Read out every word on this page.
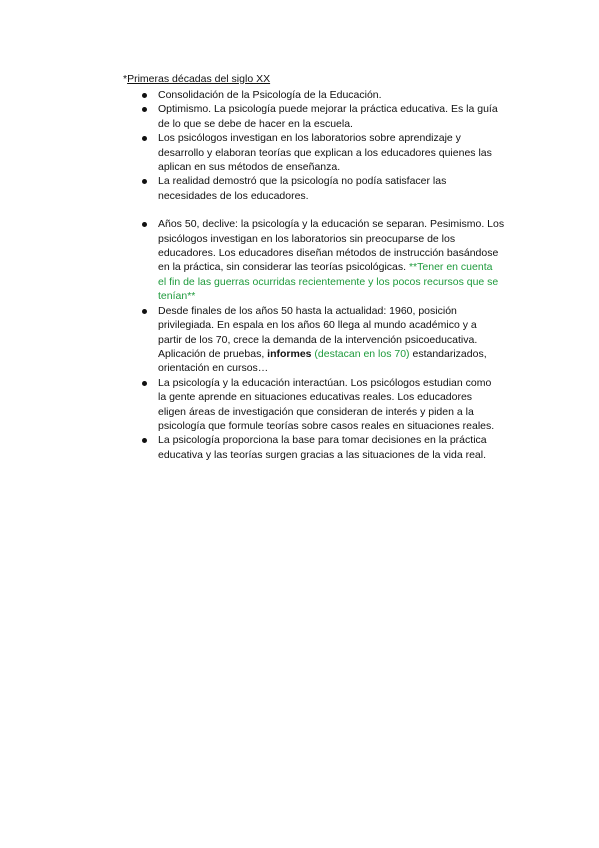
*Primeras décadas del siglo XX
Consolidación de la Psicología de la Educación.
Optimismo. La psicología puede mejorar la práctica educativa. Es la guía
de lo que se debe de hacer en la escuela.
Los psicólogos investigan en los laboratorios sobre aprendizaje y
desarrollo y elaboran teorías que explican a los educadores quienes las
aplican en sus métodos de enseñanza.
La realidad demostró que la psicología no podía satisfacer las
necesidades de los educadores.
Años 50, declive: la psicología y la educación se separan. Pesimismo. Los
psicólogos investigan en los laboratorios sin preocuparse de los
educadores. Los educadores diseñan métodos de instrucción basándose
en la práctica, sin considerar las teorías psicológicas. **Tener en cuenta
el fin de las guerras ocurridas recientemente y los pocos recursos que se
tenían**
Desde finales de los años 50 hasta la actualidad: 1960, posición
privilegiada. En espala en los años 60 llega al mundo académico y a
partir de los 70, crece la demanda de la intervención psicoeducativa.
Aplicación de pruebas, informes (destacan en los 70) estandarizados,
orientación en cursos…
La psicología y la educación interactúan. Los psicólogos estudian como
la gente aprende en situaciones educativas reales. Los educadores
eligen áreas de investigación que consideran de interés y piden a la
psicología que formule teorías sobre casos reales en situaciones reales.
La psicología proporciona la base para tomar decisiones en la práctica
educativa y las teorías surgen gracias a las situaciones de la vida real.
